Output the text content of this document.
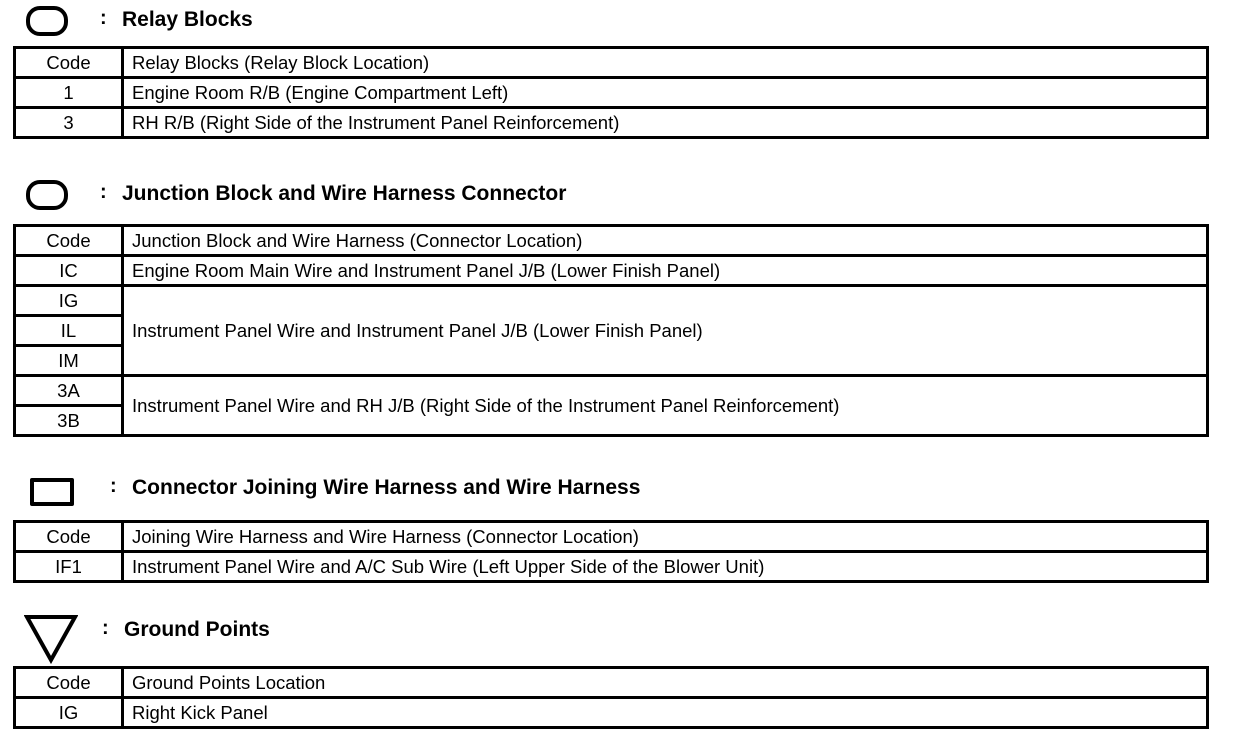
: Relay Blocks
Code	Relay Blocks (Relay Block Location)
1	Engine Room R/B (Engine Compartment Left)
3	RH R/B (Right Side of the Instrument Panel Reinforcement)
: Junction Block and Wire Harness Connector
Code	Junction Block and Wire Harness (Connector Location)
IC	Engine Room Main Wire and Instrument Panel J/B (Lower Finish Panel)
IG	Instrument Panel Wire and Instrument Panel J/B (Lower Finish Panel)
IL	
IM	
3A	Instrument Panel Wire and RH J/B (Right Side of the Instrument Panel Reinforcement)
3B	
: Connector Joining Wire Harness and Wire Harness
Code	Joining Wire Harness and Wire Harness (Connector Location)
IF1	Instrument Panel Wire and A/C Sub Wire (Left Upper Side of the Blower Unit)
: Ground Points
Code	Ground Points Location
IG	Right Kick Panel
